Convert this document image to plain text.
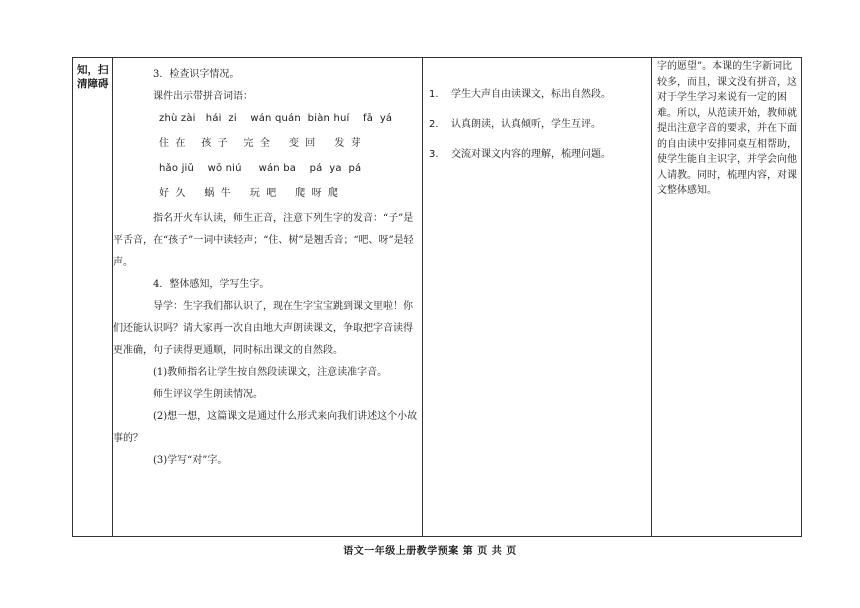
知，扫清障碍

3．检查识字情况。

课件出示带拼音词语：

zhù zài   hái  zi    wán quán  biàn huí    fā  yá
住  在     孩  子     完  全      变  回      发  芽
hǎo jiǔ    wō niú     wán ba    pá  ya  pá
好  久      蜗  牛      玩  吧      爬  呀  爬

指名开火车认读，师生正音，注意下列生字的发音：“子”是平舌音，在“孩子”一词中读轻声；“住、树”是翘舌音；“吧、呀”是轻声。

4．整体感知，学写生字。

导学：生字我们都认识了，现在生字宝宝跳到课文里啦！你们还能认识吗？请大家再一次自由地大声朗读课文，争取把字音读得更准确，句子读得更通顺，同时标出课文的自然段。

(1)教师指名让学生按自然段读课文，注意读准字音。

师生评议学生朗读情况。

(2)想一想，这篇课文是通过什么形式来向我们讲述这个小故事的？

(3)学写“对”字。

1.	学生大声自由读课文，标出自然段。
2.	认真朗读，认真倾听，学生互评。
3.	交流对课文内容的理解，梳理问题。

字的愿望”。本课的生字新词比较多，而且，课文没有拼音，这对于学生学习来说有一定的困难。所以，从范读开始，教师就提出注意字音的要求，并在下面的自由读中安排同桌互相帮助，使学生能自主识字，并学会向他人请教。同时，梳理内容，对课文整体感知。
语文一年级上册教学预案 第 页 共 页
